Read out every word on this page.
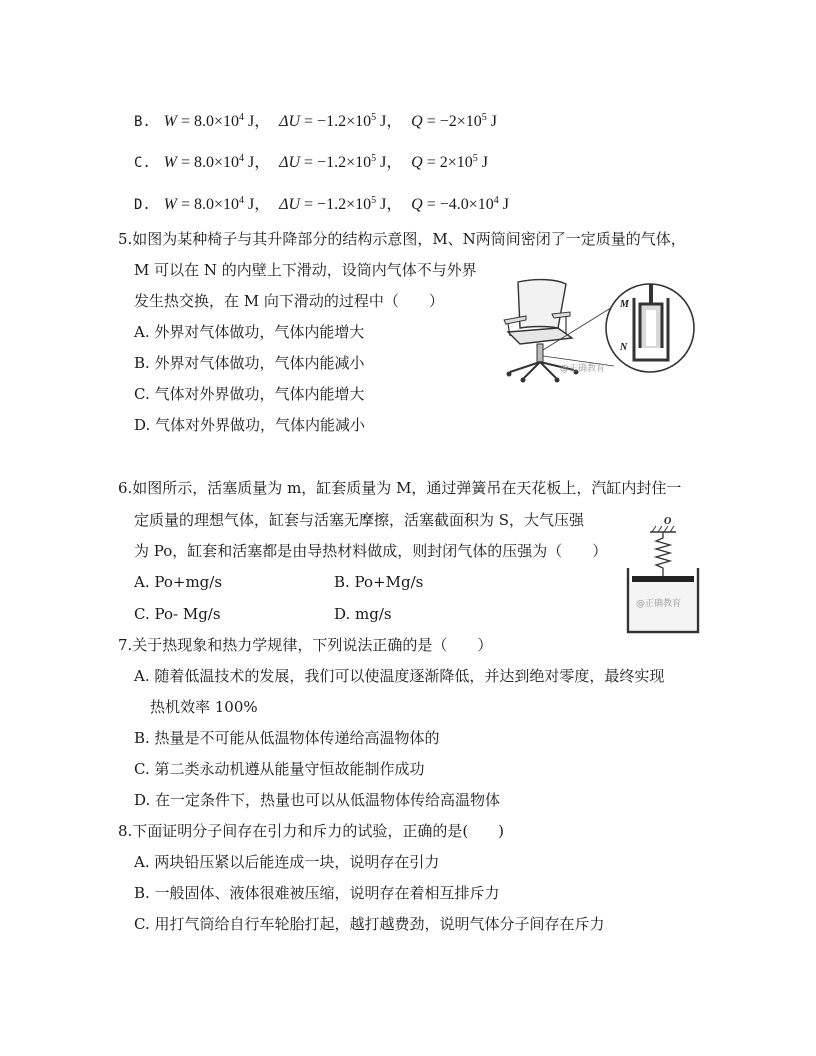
B. $W = 8.0\times 10^4$ J， $\Delta U = -1.2\times 10^5$ J， $Q = -2\times 10^5$ J
C. $W = 8.0\times 10^4$ J， $\Delta U = -1.2\times 10^5$ J， $Q = 2\times 10^5$ J
D. $W = 8.0\times 10^4$ J， $\Delta U = -1.2\times 10^5$ J， $Q = -4.0\times 10^4$ J
5.如图为某种椅子与其升降部分的结构示意图，M、N两筒间密闭了一定质量的气体，
M 可以在 N 的内壁上下滑动，设筒内气体不与外界
发生热交换，在 M 向下滑动的过程中（　　）
A. 外界对气体做功，气体内能增大
B. 外界对气体做功，气体内能减小
C. 气体对外界做功，气体内能增大
D. 气体对外界做功，气体内能减小
M
N
@正确教育
6.如图所示，活塞质量为 m，缸套质量为 M，通过弹簧吊在天花板上，汽缸内封住一
定质量的理想气体，缸套与活塞无摩擦，活塞截面积为 S，大气压强
为 Po，缸套和活塞都是由导热材料做成，则封闭气体的压强为（　　）
A. Po+mg/s	B. Po+Mg/s
C. Po- Mg/s	D. mg/s
O
@正确教育
7.关于热现象和热力学规律，下列说法正确的是（　　）
A. 随着低温技术的发展，我们可以使温度逐渐降低，并达到绝对零度，最终实现
热机效率 100%
B. 热量是不可能从低温物体传递给高温物体的
C. 第二类永动机遵从能量守恒故能制作成功
D. 在一定条件下，热量也可以从低温物体传给高温物体
8.下面证明分子间存在引力和斥力的试验，正确的是(　　)
A. 两块铅压紧以后能连成一块，说明存在引力
B. 一般固体、液体很难被压缩，说明存在着相互排斥力
C. 用打气筒给自行车轮胎打起，越打越费劲，说明气体分子间存在斥力
